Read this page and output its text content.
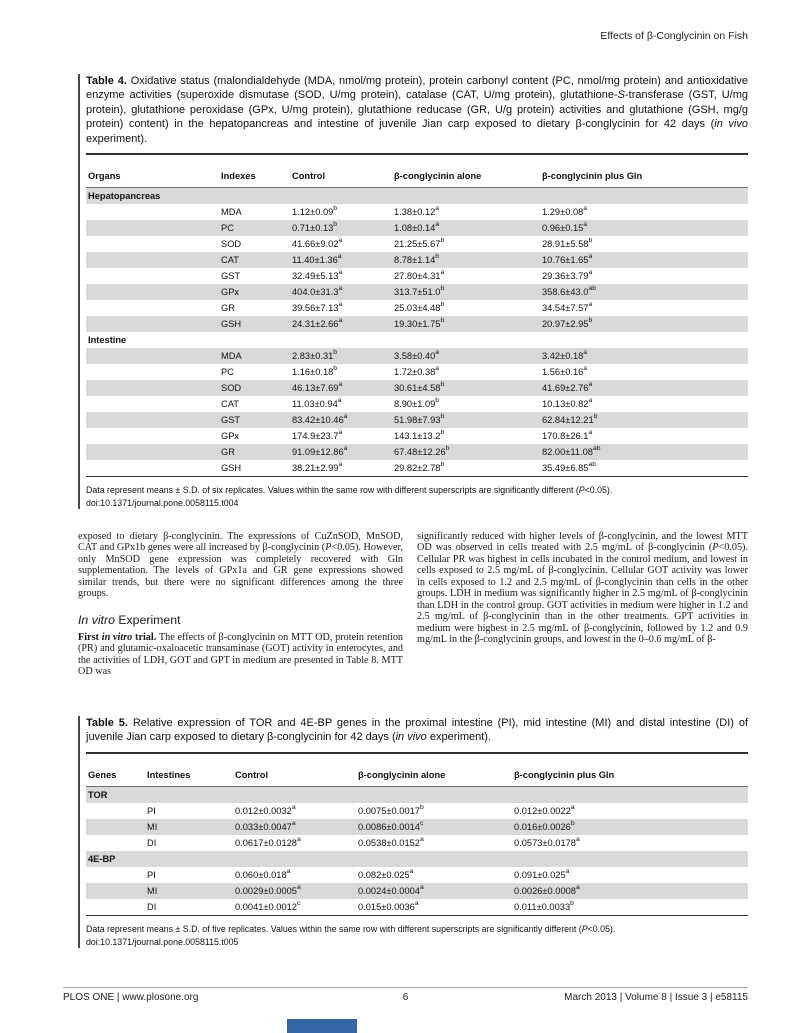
Effects of β-Conglycinin on Fish
Table 4. Oxidative status (malondialdehyde (MDA, nmol/mg protein), protein carbonyl content (PC, nmol/mg protein) and antioxidative enzyme activities (superoxide dismutase (SOD, U/mg protein), catalase (CAT, U/mg protein), glutathione-S-transferase (GST, U/mg protein), glutathione peroxidase (GPx, U/mg protein), glutathione reducase (GR, U/g protein) activities and glutathione (GSH, mg/g protein) content) in the hepatopancreas and intestine of juvenile Jian carp exposed to dietary β-conglycinin for 42 days (in vivo experiment).
Organs	Indexes	Control	β-conglycinin alone	β-conglycinin plus Gln
Hepatopancreas				
	MDA	1.12±0.09$^b$	1.38±0.12$^a$	1.29±0.08$^a$
	PC	0.71±0.13$^b$	1.08±0.14$^a$	0.96±0.15$^a$
	SOD	41.66±9.02$^a$	21.25±5.67$^b$	28.91±5.58$^b$
	CAT	11.40±1.36$^a$	8.78±1.14$^b$	10.76±1.65$^a$
	GST	32.49±5.13$^a$	27.80±4.31$^a$	29.36±3.79$^a$
	GPx	404.0±31.3$^a$	313.7±51.0$^b$	358.6±43.0$^{ab}$
	GR	39.56±7.13$^a$	25.03±4.48$^b$	34.54±7.57$^a$
	GSH	24.31±2.66$^a$	19.30±1.75$^b$	20.97±2.95$^b$
Intestine				
	MDA	2.83±0.31$^b$	3.58±0.40$^a$	3.42±0.18$^a$
	PC	1.16±0.18$^b$	1.72±0.38$^a$	1.56±0.16$^a$
	SOD	46.13±7.69$^a$	30.61±4.58$^b$	41.69±2.76$^a$
	CAT	11.03±0.94$^a$	8.90±1.09$^b$	10.13±0.82$^a$
	GST	83.42±10.46$^a$	51.98±7.93$^b$	62.84±12.21$^b$
	GPx	174.9±23.7$^a$	143.1±13.2$^b$	170.8±26.1$^a$
	GR	91.09±12.86$^a$	67.48±12.26$^b$	82.00±11.08$^{ab}$
	GSH	38.21±2.99$^a$	29.82±2.78$^b$	35.49±6.85$^{ab}$
Data represent means ± S.D. of six replicates. Values within the same row with different superscripts are significantly different (P<0.05).
doi:10.1371/journal.pone.0058115.t004

exposed to dietary β-conglycinin. The expressions of CuZnSOD, MnSOD, CAT and GPx1b genes were all increased by β-conglycinin (P<0.05). However, only MnSOD gene expression was completely recovered with Gln supplementation. The levels of GPx1a and GR gene expressions showed similar trends, but there were no significant differences among the three groups.

In vitro Experiment

First in vitro trial. The effects of β-conglycinin on MTT OD, protein retention (PR) and glutamic-oxaloacetic transaminase (GOT) activity in enterocytes, and the activities of LDH, GOT and GPT in medium are presented in Table 8. MTT OD was

significantly reduced with higher levels of β-conglycinin, and the lowest MTT OD was observed in cells treated with 2.5 mg/mL of β-conglycinin (P<0.05). Cellular PR was highest in cells incubated in the control medium, and lowest in cells exposed to 2.5 mg/mL of β-conglycinin. Cellular GOT activity was lower in cells exposed to 1.2 and 2.5 mg/mL of β-conglycinin than cells in the other groups. LDH in medium was significantly higher in 2.5 mg/mL of β-conglycinin than LDH in the control group. GOT activities in medium were higher in 1.2 and 2.5 mg/mL of β-conglycinin than in the other treatments. GPT activities in medium were highest in 2.5 mg/mL of β-conglycinin, followed by 1.2 and 0.9 mg/mL in the β-conglycinin groups, and lowest in the 0–0.6 mg/mL of β-

Table 5. Relative expression of TOR and 4E-BP genes in the proximal intestine (PI), mid intestine (MI) and distal intestine (DI) of juvenile Jian carp exposed to dietary β-conglycinin for 42 days (in vivo experiment).
Genes	Intestines	Control	β-conglycinin alone	β-conglycinin plus Gln
TOR				
	PI	0.012±0.0032$^a$	0.0075±0.0017$^b$	0.012±0.0022$^a$
	MI	0.033±0.0047$^a$	0.0086±0.0014$^c$	0.016±0.0026$^b$
	DI	0.0617±0.0128$^a$	0.0538±0.0152$^a$	0.0573±0.0178$^a$
4E-BP				
	PI	0.060±0.018$^a$	0.082±0.025$^a$	0.091±0.025$^a$
	MI	0.0029±0.0005$^a$	0.0024±0.0004$^a$	0.0026±0.0008$^a$
	DI	0.0041±0.0012$^c$	0.015±0.0036$^a$	0.011±0.0033$^b$
Data represent means ± S.D. of five replicates. Values within the same row with different superscripts are significantly different (P<0.05).
doi:10.1371/journal.pone.0058115.t005
PLOS ONE | www.plosone.org	6	March 2013 | Volume 8 | Issue 3 | e58115
